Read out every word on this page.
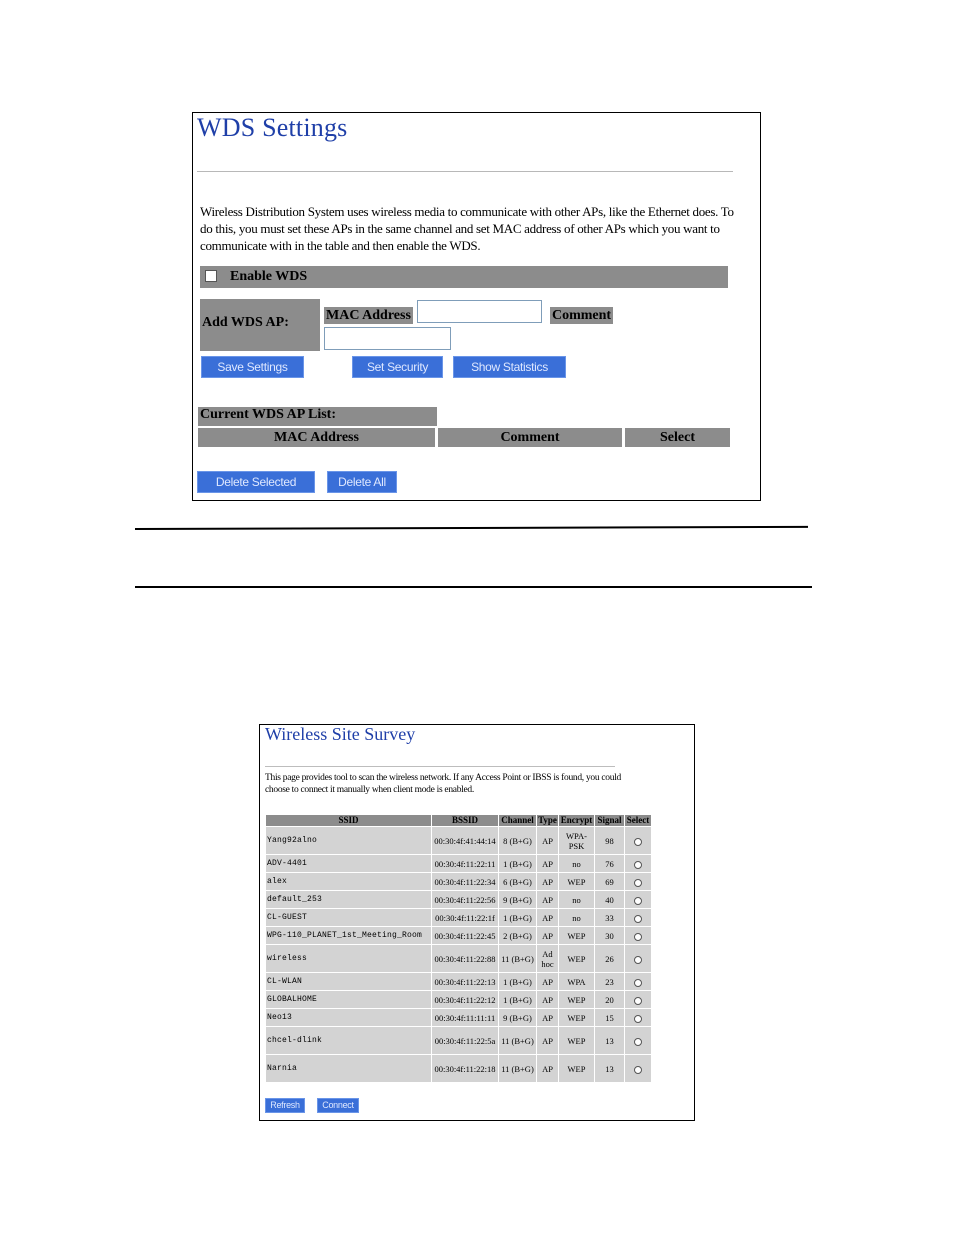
WDS Settings
Wireless Distribution System uses wireless media to communicate with other APs, like the Ethernet does. To do this, you must set these APs in the same channel and set MAC address of other APs which you want to communicate with in the table and then enable the WDS.
Enable WDS
Add WDS AP:	MAC Address	Comment
Save Settings	Set Security	Show Statistics
Current WDS AP List:
MAC Address	Comment	Select
Delete Selected	Delete All
Wireless Site Survey
This page provides tool to scan the wireless network. If any Access Point or IBSS is found, you could choose to connect it manually when client mode is enabled.
SSID	BSSID	Channel	Type	Encrypt	Signal	Select
Yang92alno	00:30:4f:41:44:14	8 (B+G)	AP	WPA-PSK	98	
ADV-4401	00:30:4f:11:22:11	1 (B+G)	AP	no	76	
alex	00:30:4f:11:22:34	6 (B+G)	AP	WEP	69	
default_253	00:30:4f:11:22:56	9 (B+G)	AP	no	40	
CL-GUEST	00:30:4f:11:22:1f	1 (B+G)	AP	no	33	
WPG-110_PLANET_1st_Meeting_Room	00:30:4f:11:22:45	2 (B+G)	AP	WEP	30	
wireless	00:30:4f:11:22:88	11 (B+G)	Ad hoc	WEP	26	
CL-WLAN	00:30:4f:11:22:13	1 (B+G)	AP	WPA	23	
GLOBALHOME	00:30:4f:11:22:12	1 (B+G)	AP	WEP	20	
Neo13	00:30:4f:11:11:11	9 (B+G)	AP	WEP	15	
chcel-dlink	00:30:4f:11:22:5a	11 (B+G)	AP	WEP	13	
Narnia	00:30:4f:11:22:18	11 (B+G)	AP	WEP	13	
Refresh	Connect
